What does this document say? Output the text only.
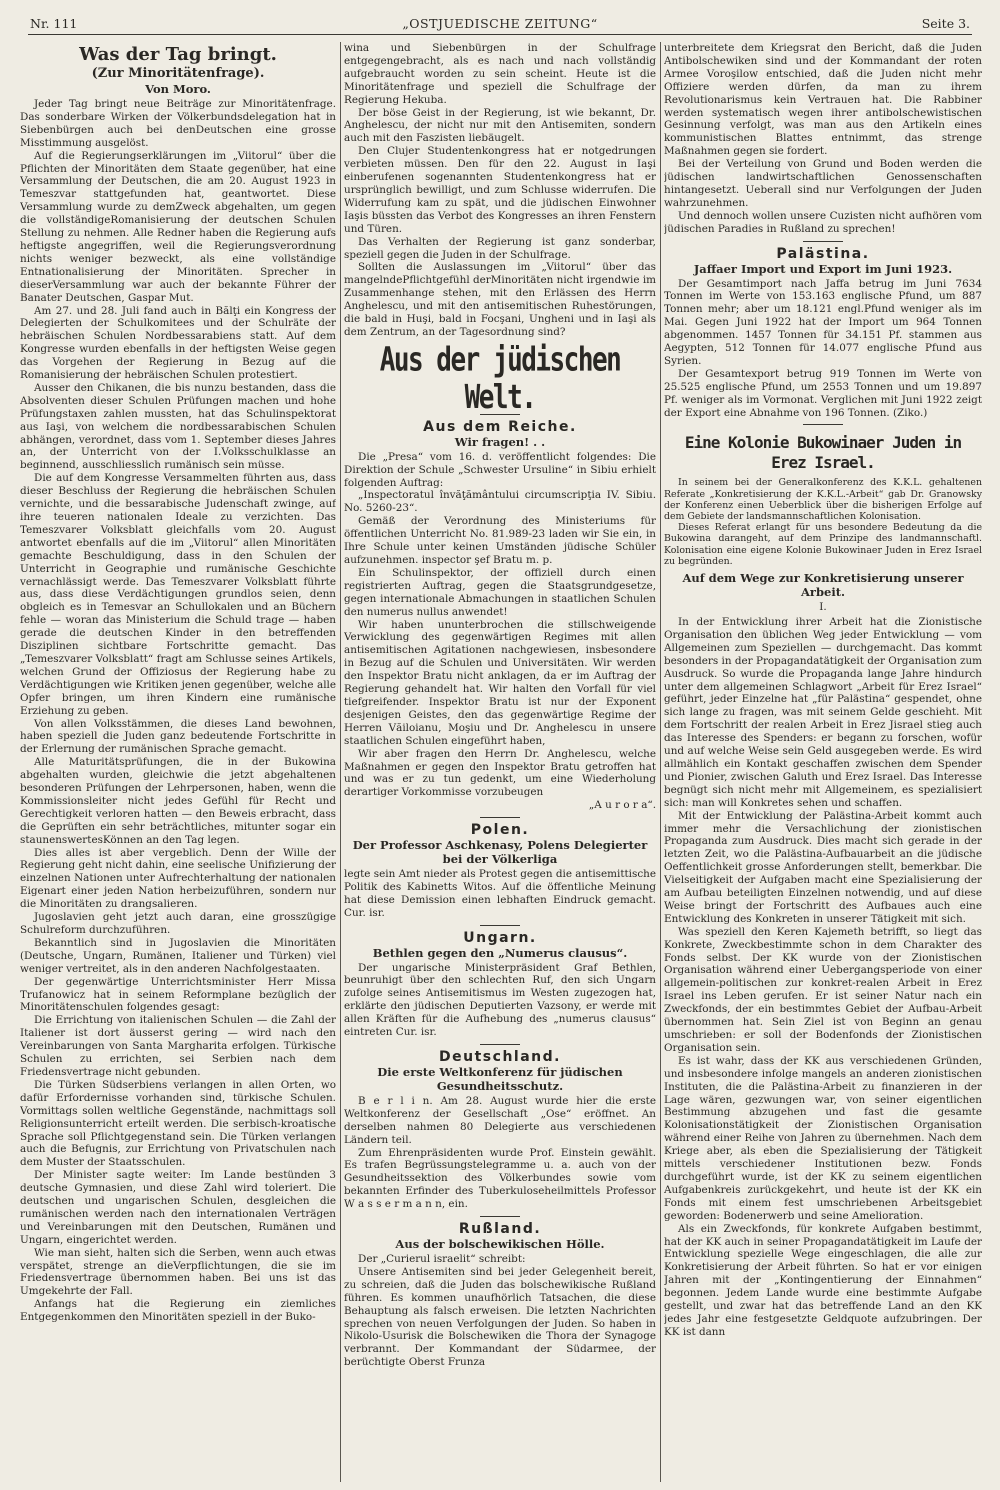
Nr. 111	„OSTJUEDISCHE ZEITUNG“	Seite 3.
Was der Tag bringt.
(Zur Minoritätenfrage).
Von Moro.

Jeder Tag bringt neue Beiträge zur Minoritätenfrage. Das sonderbare Wirken der Völkerbundsdelegation hat in Siebenbürgen auch bei denDeutschen eine grosse Misstimmung ausgelöst.

Auf die Regierungserklärungen im „Viitorul“ über die Pflichten der Minoritäten dem Staate gegenüber, hat eine Versammlung der Deutschen, die am 20. August 1923 in Temeszvar stattgefunden hat, geantwortet. Diese Versammlung wurde zu demZweck abgehalten, um gegen die vollständigeRomanisierung der deutschen Schulen Stellung zu nehmen. Alle Redner haben die Regierung aufs heftigste angegriffen, weil die Regierungsverordnung nichts weniger bezweckt, als eine vollständige Entnationalisierung der Minoritäten. Sprecher in dieserVersammlung war auch der bekannte Führer der Banater Deutschen, Gaspar Mut.

Am 27. und 28. Juli fand auch in Bălţi ein Kongress der Delegierten der Schulkomitees und der Schulräte der hebräischen Schulen Nordbessarabiens statt. Auf dem Kongresse wurden ebenfalls in der heftigsten Weise gegen das Vorgehen der Regierung in Bezug auf die Romanisierung der hebräischen Schulen protestiert.

Ausser den Chikanen, die bis nunzu bestanden, dass die Absolventen dieser Schulen Prüfungen machen und hohe Prüfungstaxen zahlen mussten, hat das Schulinspektorat aus Iaşi, von welchem die nordbessarabischen Schulen abhängen, verordnet, dass vom 1. September dieses Jahres an, der Unterricht von der I.Volksschulklasse an beginnend, ausschliesslich rumänisch sein müsse.

Die auf dem Kongresse Versammelten führten aus, dass dieser Beschluss der Regierung die hebräischen Schulen vernichte, und die bessarabische Judenschaft zwinge, auf ihre teueren nationalen Ideale zu verzichten. Das Temeszvarer Volksblatt gleichfalls vom 20. August antwortet ebenfalls auf die im „Viitorul“ allen Minoritäten gemachte Beschuldigung, dass in den Schulen der Unterricht in Geographie und rumänische Geschichte vernachlässigt werde. Das Temeszvarer Volksblatt führte aus, dass diese Verdächtigungen grundlos seien, denn obgleich es in Temesvar an Schullokalen und an Büchern fehle — woran das Ministerium die Schuld trage — haben gerade die deutschen Kinder in den betreffenden Disziplinen sichtbare Fortschritte gemacht. Das „Temeszvarer Volksblatt“ fragt am Schlusse seines Artikels, welchen Grund der Offiziosus der Regierung habe zu Verdächtigungen wie Kritiken jenen gegenüber, welche alle Opfer bringen, um ihren Kindern eine rumänische Erziehung zu geben.

Von allen Volksstämmen, die dieses Land bewohnen, haben speziell die Juden ganz bedeutende Fortschritte in der Erlernung der rumänischen Sprache gemacht.

Alle Maturitätsprüfungen, die in der Bukowina abgehalten wurden, gleichwie die jetzt abgehaltenen besonderen Prüfungen der Lehrpersonen, haben, wenn die Kommissionsleiter nicht jedes Gefühl für Recht und Gerechtigkeit verloren hatten — den Beweis erbracht, dass die Geprüften ein sehr beträchtliches, mitunter sogar ein staunenswertesKönnen an den Tag legen.

Dies alles ist aber vergeblich. Denn der Wille der Regierung geht nicht dahin, eine seelische Unifizierung der einzelnen Nationen unter Aufrechterhaltung der nationalen Eigenart einer jeden Nation herbeizuführen, sondern nur die Minoritäten zu drangsalieren.

Jugoslavien geht jetzt auch daran, eine grosszügige Schulreform durchzuführen.

Bekanntlich sind in Jugoslavien die Minoritäten (Deutsche, Ungarn, Rumänen, Italiener und Türken) viel weniger vertreitet, als in den anderen Nachfolgestaaten.

Der gegenwärtige Unterrichtsminister Herr Missa Trufanowicz hat in seinem Reformplane bezüglich der Minoritätenschulen folgendes gesagt:

Die Errichtung von italienischen Schulen — die Zahl der Italiener ist dort äusserst gering — wird nach den Vereinbarungen von Santa Margharita erfolgen. Türkische Schulen zu errichten, sei Serbien nach dem Friedensvertrage nicht gebunden.

Die Türken Südserbiens verlangen in allen Orten, wo dafür Erfordernisse vorhanden sind, türkische Schulen. Vormittags sollen weltliche Gegenstände, nachmittags soll Religionsunterricht erteilt werden. Die serbisch-kroatische Sprache soll Pflichtgegenstand sein. Die Türken verlangen auch die Befugnis, zur Errichtung von Privatschulen nach dem Muster der Staatsschulen.

Der Minister sagte weiter: Im Lande bestünden 3 deutsche Gymnasien, und diese Zahl wird toleriert. Die deutschen und ungarischen Schulen, desgleichen die rumänischen werden nach den internationalen Verträgen und Vereinbarungen mit den Deutschen, Rumänen und Ungarn, eingerichtet werden.

Wie man sieht, halten sich die Serben, wenn auch etwas verspätet, strenge an dieVerpflichtungen, die sie im Friedensvertrage übernommen haben. Bei uns ist das Umgekehrte der Fall.

Anfangs hat die Regierung ein ziemliches Entgegenkommen den Minoritäten speziell in der Buko-

wina und Siebenbürgen in der Schulfrage entgegengebracht, als es nach und nach vollständig aufgebraucht worden zu sein scheint. Heute ist die Minoritätenfrage und speziell die Schulfrage der Regierung Hekuba.

Der böse Geist in der Regierung, ist wie bekannt, Dr. Anghelescu, der nicht nur mit den Antisemiten, sondern auch mit den Faszisten liebäugelt.

Den Clujer Studentenkongress hat er notgedrungen verbieten müssen. Den für den 22. August in Iaşi einberufenen sogenannten Studentenkongress hat er ursprünglich bewilligt, und zum Schlusse widerrufen. Die Widerrufung kam zu spät, und die jüdischen Einwohner Iaşis büssten das Verbot des Kongresses an ihren Fenstern und Türen.

Das Verhalten der Regierung ist ganz sonderbar, speziell gegen die Juden in der Schulfrage.

Sollten die Auslassungen im „Viitorul“ über das mangelndePflichtgefühl derMinoritäten nicht irgendwie im Zusammenhange stehen, mit den Erlässen des Herrn Anghelescu, und mit den antisemitischen Ruhestörungen, die bald in Huşi, bald in Focşani, Ungheni und in Iaşi als dem Zentrum, an der Tagesordnung sind?

Aus der jüdischen Welt.
Aus dem Reiche.
Wir fragen! . .

Die „Presa“ vom 16. d. veröffentlicht folgendes: Die Direktion der Schule „Schwester Ursuline“ in Sibiu erhielt folgenden Auftrag:

„Inspectoratul învăţământului circumscripţia IV. Sibiu. No. 5260-23“.

Gemäß der Verordnung des Ministeriums für öffentlichen Unterricht No. 81.989-23 laden wir Sie ein, in Ihre Schule unter keinen Umständen jüdische Schüler aufzunehmen. inspector şef Bratu m. p.

Ein Schulinspektor, der offiziell durch einen registrierten Auftrag, gegen die Staatsgrundgesetze, gegen internationale Abmachungen in staatlichen Schulen den numerus nullus anwendet!

Wir haben ununterbrochen die stillschweigende Verwicklung des gegenwärtigen Regimes mit allen antisemitischen Agitationen nachgewiesen, insbesondere in Bezug auf die Schulen und Universitäten. Wir werden den Inspektor Bratu nicht anklagen, da er im Auftrag der Regierung gehandelt hat. Wir halten den Vorfall für viel tiefgreifender. Inspektor Bratu ist nur der Exponent desjenigen Geistes, den das gegenwärtige Regime der Herren Văiloianu, Moşiu und Dr. Anghelescu in unsere staatlichen Schulen eingeführt haben,

Wir aber fragen den Herrn Dr. Anghelescu, welche Maßnahmen er gegen den Inspektor Bratu getroffen hat und was er zu tun gedenkt, um eine Wiederholung derartiger Vorkommisse vorzubeugen

„A u r o r a“.

Polen.
Der Professor Aschkenasy, Polens Delegierter bei der Völkerliga

legte sein Amt nieder als Protest gegen die antisemittische Politik des Kabinetts Witos. Auf die öffentliche Meinung hat diese Demission einen lebhaften Eindruck gemacht. Cur. isr.

Ungarn.
Bethlen gegen den „Numerus clausus“.

Der ungarische Ministerpräsident Graf Bethlen, beunruhigt über den schlechten Ruf, den sich Ungarn zufolge seines Antisemitismus im Westen zugezogen hat, erklärte den jüdischen Deputierten Vazsony, er werde mit allen Kräften für die Aufhebung des „numerus clausus“ eintreten Cur. isr.

Deutschland.
Die erste Weltkonferenz für jüdischen Gesundheitsschutz.

B e r l i n. Am 28. August wurde hier die erste Weltkonferenz der Gesellschaft „Ose“ eröffnet. An derselben nahmen 80 Delegierte aus verschiedenen Ländern teil.

Zum Ehrenpräsidenten wurde Prof. Einstein gewählt. Es trafen Begrüssungstelegramme u. a. auch von der Gesundheitssektion des Völkerbundes sowie vom bekannten Erfinder des Tuberkuloseheilmittels Professor W a s s e r m a n n, ein.

Rußland.
Aus der bolschewikischen Hölle.

Der „Curierul israelit“ schreibt:

Unsere Antisemiten sind bei jeder Gelegenheit bereit, zu schreien, daß die Juden das bolschewikische Rußland führen. Es kommen unaufhörlich Tatsachen, die diese Behauptung als falsch erweisen. Die letzten Nachrichten sprechen von neuen Verfolgungen der Juden. So haben in Nikolo-Usurisk die Bolschewiken die Thora der Synagoge verbrannt. Der Kommandant der Südarmee, der berüchtigte Oberst Frunza

unterbreitete dem Kriegsrat den Bericht, daß die Juden Antibolschewiken sind und der Kommandant der roten Armee Voroşilow entschied, daß die Juden nicht mehr Offiziere werden dürfen, da man zu ihrem Revolutionarismus kein Vertrauen hat. Die Rabbiner werden systematisch wegen ihrer antibolschewistischen Gesinnung verfolgt, was man aus den Artikeln eines kommunistischen Blattes entnimmt, das strenge Maßnahmen gegen sie fordert.

Bei der Verteilung von Grund und Boden werden die jüdischen landwirtschaftlichen Genossenschaften hintangesetzt. Ueberall sind nur Verfolgungen der Juden wahrzunehmen.

Und dennoch wollen unsere Cuzisten nicht aufhören vom jüdischen Paradies in Rußland zu sprechen!

Palästina.
Jaffaer Import und Export im Juni 1923.

Der Gesamtimport nach Jaffa betrug im Juni 7634 Tonnen im Werte von 153.163 englische Pfund, um 887 Tonnen mehr; aber um 18.121 engl.Pfund weniger als im Mai. Gegen Juni 1922 hat der Import um 964 Tonnen abgenommen. 1457 Tonnen für 34.151 Pf. stammen aus Aegypten, 512 Tonnen für 14.077 englische Pfund aus Syrien.

Der Gesamtexport betrug 919 Tonnen im Werte von 25.525 englische Pfund, um 2553 Tonnen und um 19.897 Pf. weniger als im Vormonat. Verglichen mit Juni 1922 zeigt der Export eine Abnahme von 196 Tonnen. (Ziko.)

Eine Kolonie Bukowinaer Juden in Erez Israel.

In seinem bei der Generalkonferenz des K.K.L. gehaltenen Referate „Konkretisierung der K.K.L.-Arbeit“ gab Dr. Granowsky der Konferenz einen Ueberblick über die bisherigen Erfolge auf dem Gebiete der landsmannschaftlichen Kolonisation.

Dieses Referat erlangt für uns besondere Bedeutung da die Bukowina darangeht, auf dem Prinzipe des landmannschaftl. Kolonisation eine eigene Kolonie Bukowinaer Juden in Erez Israel zu begründen.

Auf dem Wege zur Konkretisierung unserer Arbeit.
I.

In der Entwicklung ihrer Arbeit hat die Zionistische Organisation den üblichen Weg jeder Entwicklung — vom Allgemeinen zum Speziellen — durchgemacht. Das kommt besonders in der Propagandatätigkeit der Organisation zum Ausdruck. So wurde die Propaganda lange Jahre hindurch unter dem allgemeinen Schlagwort „Arbeit für Erez Israel“ geführt, jeder Einzelne hat „für Palästina“ gespendet, ohne sich lange zu fragen, was mit seinem Gelde geschieht. Mit dem Fortschritt der realen Arbeit in Erez Jisrael stieg auch das Interesse des Spenders: er begann zu forschen, wofür und auf welche Weise sein Geld ausgegeben werde. Es wird allmählich ein Kontakt geschaffen zwischen dem Spender und Pionier, zwischen Galuth und Erez Israel. Das Interesse begnügt sich nicht mehr mit Allgemeinem, es spezialisiert sich: man will Konkretes sehen und schaffen.

Mit der Entwicklung der Palästina-Arbeit kommt auch immer mehr die Versachlichung der zionistischen Propaganda zum Ausdruck. Dies macht sich gerade in der letzten Zeit, wo die Palästina-Aufbauarbeit an die jüdische Oeffentlichkeit grosse Anforderungen stellt, bemerkbar. Die Vielseitigkeit der Aufgaben macht eine Spezialisierung der am Aufbau beteiligten Einzelnen notwendig, und auf diese Weise bringt der Fortschritt des Aufbaues auch eine Entwicklung des Konkreten in unserer Tätigkeit mit sich.

Was speziell den Keren Kajemeth betrifft, so liegt das Konkrete, Zweckbestimmte schon in dem Charakter des Fonds selbst. Der KK wurde von der Zionistischen Organisation während einer Uebergangsperiode von einer allgemein-politischen zur konkret-realen Arbeit in Erez Israel ins Leben gerufen. Er ist seiner Natur nach ein Zweckfonds, der ein bestimmtes Gebiet der Aufbau-Arbeit übernommen hat. Sein Ziel ist von Beginn an genau umschrieben: er soll der Bodenfonds der Zionistischen Organisation sein.

Es ist wahr, dass der KK aus verschiedenen Gründen, und insbesondere infolge mangels an anderen zionistischen Instituten, die die Palästina-Arbeit zu finanzieren in der Lage wären, gezwungen war, von seiner eigentlichen Bestimmung abzugehen und fast die gesamte Kolonisationstätigkeit der Zionistischen Organisation während einer Reihe von Jahren zu übernehmen. Nach dem Kriege aber, als eben die Spezialisierung der Tätigkeit mittels verschiedener Institutionen bezw. Fonds durchgeführt wurde, ist der KK zu seinem eigentlichen Aufgabenkreis zurückgekehrt, und heute ist der KK ein Fonds mit einem fest umschriebenen Arbeitsgebiet geworden: Bodenerwerb und seine Amelioration.

Als ein Zweckfonds, für konkrete Aufgaben bestimmt, hat der KK auch in seiner Propagandatätigkeit im Laufe der Entwicklung spezielle Wege eingeschlagen, die alle zur Konkretisierung der Arbeit führten. So hat er vor einigen Jahren mit der „Kontingentierung der Einnahmen“ begonnen. Jedem Lande wurde eine bestimmte Aufgabe gestellt, und zwar hat das betreffende Land an den KK jedes Jahr eine festgesetzte Geldquote aufzubringen. Der KK ist dann
